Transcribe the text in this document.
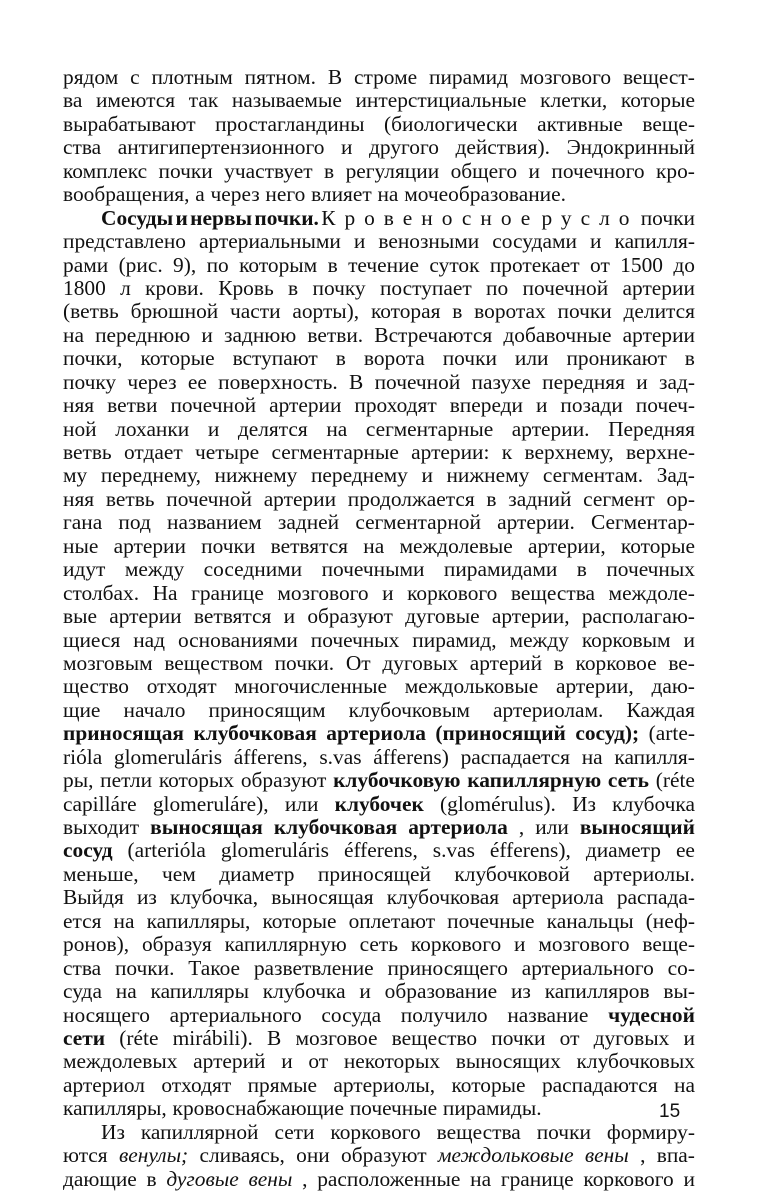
рядом с плотным пятном. В строме пирамид мозгового вещест-
ва имеются так называемые интерстициальные клетки, которые
вырабатывают простагландины (биологически активные веще-
ства антигипертензионного и другого действия). Эндокринный
комплекс почки участвует в регуляции общего и почечного кро-
вообращения, а через него влияет на мочеобразование.
Сосуды и нервы почки. Кровеносное русло почки
представлено артериальными и венозными сосудами и капилля-
рами (рис. 9), по которым в течение суток протекает от 1500 до
1800 л крови. Кровь в почку поступает по почечной артерии
(ветвь брюшной части аорты), которая в воротах почки делится
на переднюю и заднюю ветви. Встречаются добавочные артерии
почки, которые вступают в ворота почки или проникают в
почку через ее поверхность. В почечной пазухе передняя и зад-
няя ветви почечной артерии проходят впереди и позади почеч-
ной лоханки и делятся на сегментарные артерии. Передняя
ветвь отдает четыре сегментарные артерии: к верхнему, верхне-
му переднему, нижнему переднему и нижнему сегментам. Зад-
няя ветвь почечной артерии продолжается в задний сегмент ор-
гана под названием задней сегментарной артерии. Сегментар-
ные артерии почки ветвятся на междолевые артерии, которые
идут между соседними почечными пирамидами в почечных
столбах. На границе мозгового и коркового вещества междоле-
вые артерии ветвятся и образуют дуговые артерии, располагаю-
щиеся над основаниями почечных пирамид, между корковым и
мозговым веществом почки. От дуговых артерий в корковое ве-
щество отходят многочисленные междольковые артерии, даю-
щие начало приносящим клубочковым артериолам. Каждая
приносящая клубочковая артериола (приносящий сосуд); (arte-
rióla glomeruláris áfferens, s.vas áfferens) распадается на капилля-
ры, петли которых образуют клубочковую капиллярную сеть (réte
capilláre glomeruláre), или клубочек (glomérulus). Из клубочка
выходит выносящая клубочковая артериола , или выносящий
сосуд (arterióla glomeruláris éfferens, s.vas éfferens), диаметр ее
меньше, чем диаметр приносящей клубочковой артериолы.
Выйдя из клубочка, выносящая клубочковая артериола распада-
ется на капилляры, которые оплетают почечные канальцы (неф-
ронов), образуя капиллярную сеть коркового и мозгового веще-
ства почки. Такое разветвление приносящего артериального со-
суда на капилляры клубочка и образование из капилляров вы-
носящего артериального сосуда получило название чудесной
сети (réte mirábili). В мозговое вещество почки от дуговых и
междолевых артерий и от некоторых выносящих клубочковых
артериол отходят прямые артериолы, которые распадаются на
капилляры, кровоснабжающие почечные пирамиды.
Из капиллярной сети коркового вещества почки формиру-
ются венулы; сливаясь, они образуют междольковые вены , впа-
дающие в дуговые вены , расположенные на границе коркового и
15
